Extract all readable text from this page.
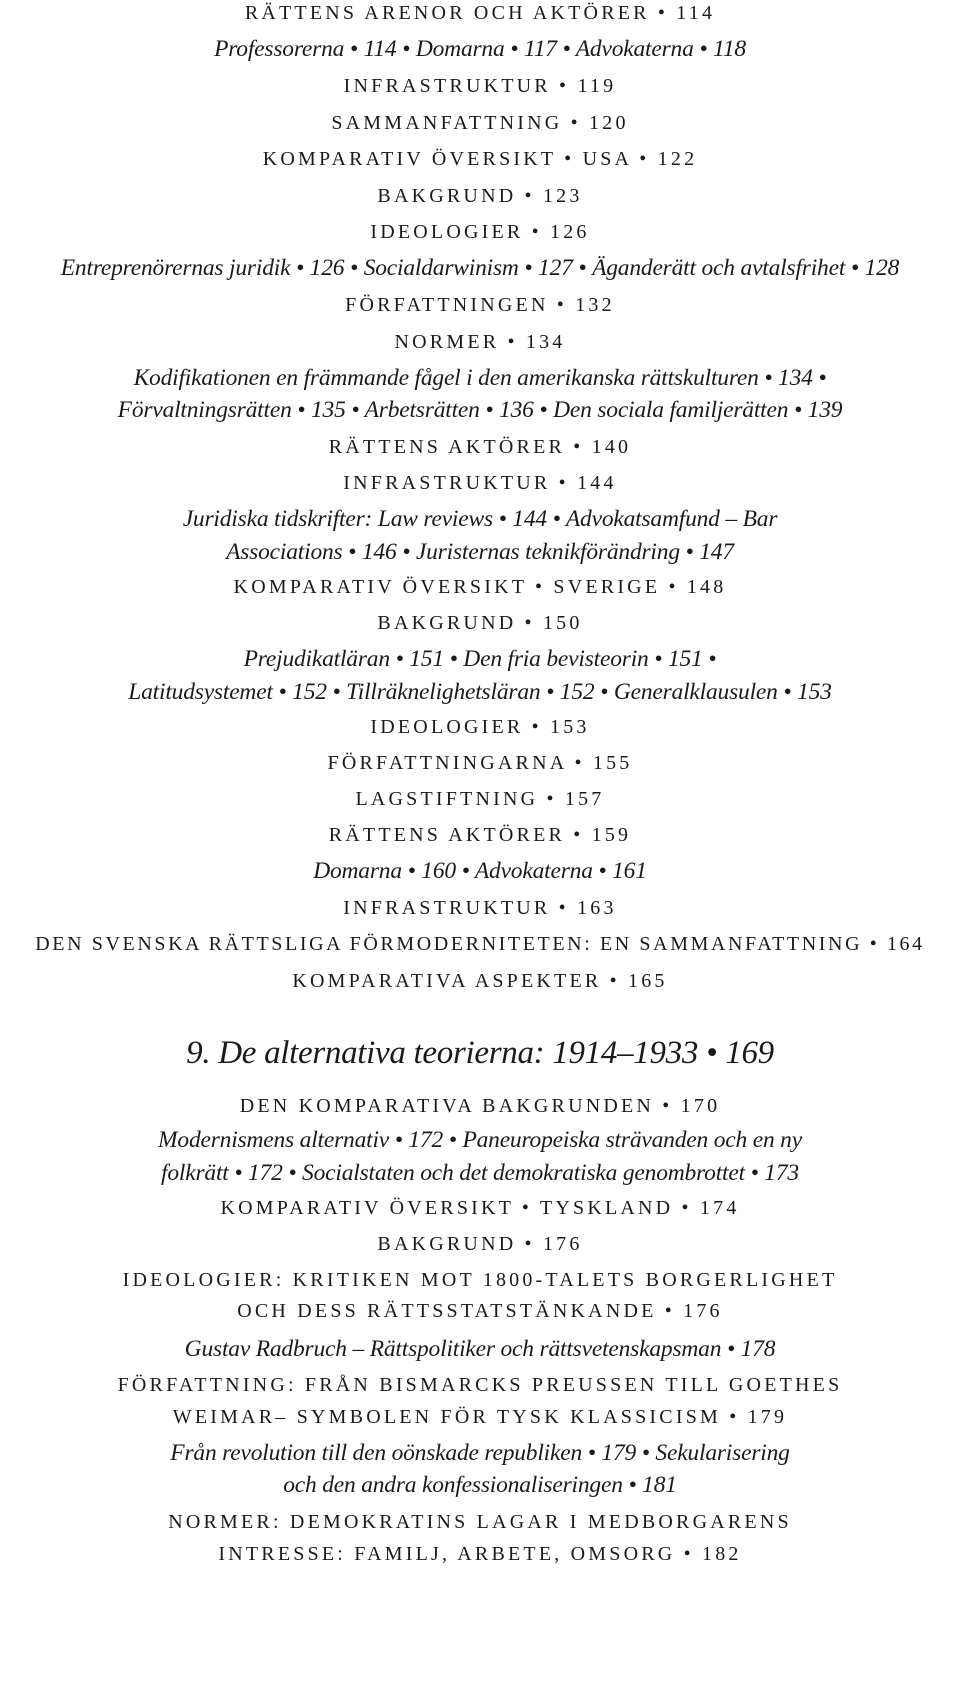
RÄTTENS ARENOR OCH AKTÖRER • 114
Professorerna • 114 • Domarna • 117 • Advokaterna • 118
INFRASTRUKTUR • 119
SAMMANFATTNING • 120
KOMPARATIV ÖVERSIKT • USA • 122
BAKGRUND • 123
IDEOLOGIER • 126
Entreprenörernas juridik • 126 • Socialdarwinism • 127 • Äganderätt och avtalsfrihet • 128
FÖRFATTNINGEN • 132
NORMER • 134
Kodifikationen en främmande fågel i den amerikanska rättskulturen • 134 •
Förvaltningsrätten • 135 • Arbetsrätten • 136 • Den sociala familjerätten • 139
RÄTTENS AKTÖRER • 140
INFRASTRUKTUR • 144
Juridiska tidskrifter: Law reviews • 144 • Advokatsamfund – Bar
Associations • 146 • Juristernas teknikförändring • 147
KOMPARATIV ÖVERSIKT • SVERIGE • 148
BAKGRUND • 150
Prejudikatläran • 151 • Den fria bevisteorin • 151 •
Latitudsystemet • 152 • Tillräknelighetsläran • 152 • Generalklausulen • 153
IDEOLOGIER • 153
FÖRFATTNINGARNA • 155
LAGSTIFTNING • 157
RÄTTENS AKTÖRER • 159
Domarna • 160 • Advokaterna • 161
INFRASTRUKTUR • 163
DEN SVENSKA RÄTTSLIGA FÖRMODERNITETEN: EN SAMMANFATTNING • 164
KOMPARATIVA ASPEKTER • 165
9. De alternativa teorierna: 1914–1933 • 169
DEN KOMPARATIVA BAKGRUNDEN • 170
Modernismens alternativ • 172 • Paneuropeiska strävanden och en ny
folkrätt • 172 • Socialstaten och det demokratiska genombrottet • 173
KOMPARATIV ÖVERSIKT • TYSKLAND • 174
BAKGRUND • 176
IDEOLOGIER: KRITIKEN MOT 1800-TALETS BORGERLIGHET
OCH DESS RÄTTSSTATSTÄNKANDE • 176
Gustav Radbruch – Rättspolitiker och rättsvetenskapsman • 178
FÖRFATTNING: FRÅN BISMARCKS PREUSSEN TILL GOETHES
WEIMAR– SYMBOLEN FÖR TYSK KLASSICISM • 179
Från revolution till den oönskade republiken • 179 • Sekularisering
och den andra konfessionaliseringen • 181
NORMER: DEMOKRATINS LAGAR I MEDBORGARENS
INTRESSE: FAMILJ, ARBETE, OMSORG • 182
